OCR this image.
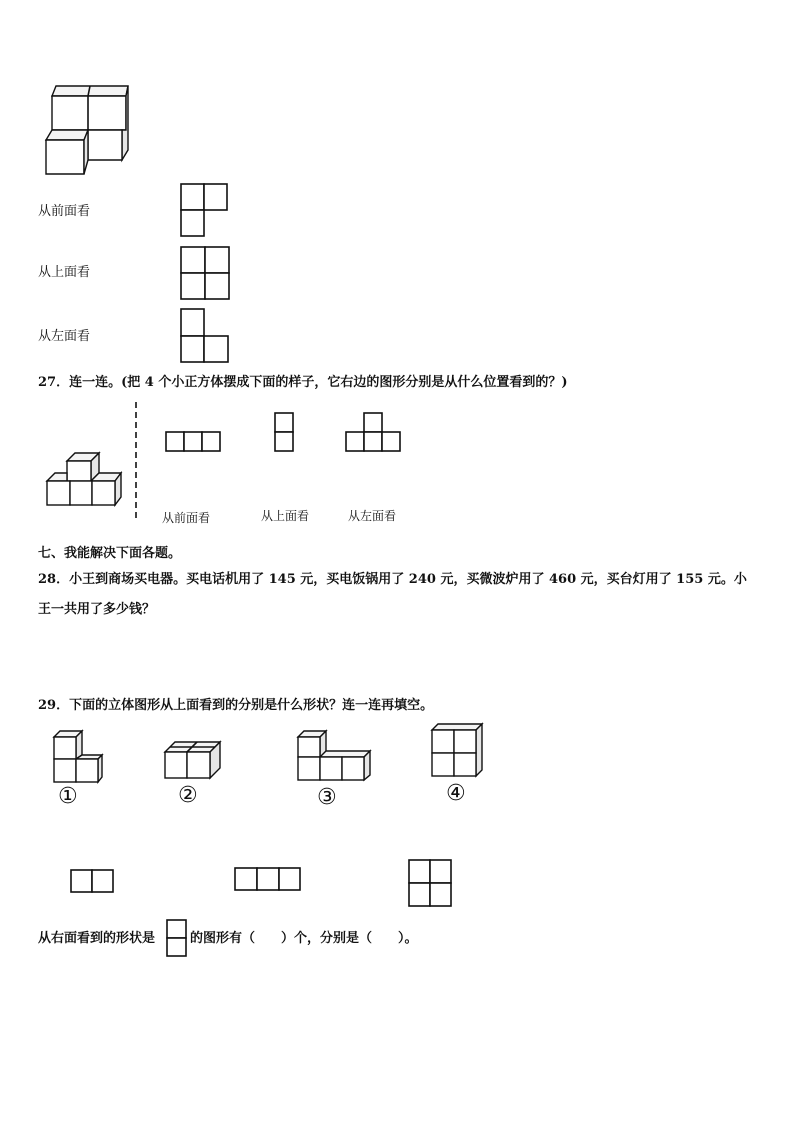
从前面看
从上面看
从左面看
27．连一连。(把 4 个小正方体摆成下面的样子，它右边的图形分别是从什么位置看到的？)
从前面看	从上面看	从左面看
七、我能解决下面各题。
28．小王到商场买电器。买电话机用了 145 元，买电饭锅用了 240 元，买微波炉用了 460 元，买台灯用了 155 元。小
王一共用了多少钱？
29．下面的立体图形从上面看到的分别是什么形状？连一连再填空。
①	②	③	④
从右面看到的形状是	的图形有（　　）个，分别是（　　）。
